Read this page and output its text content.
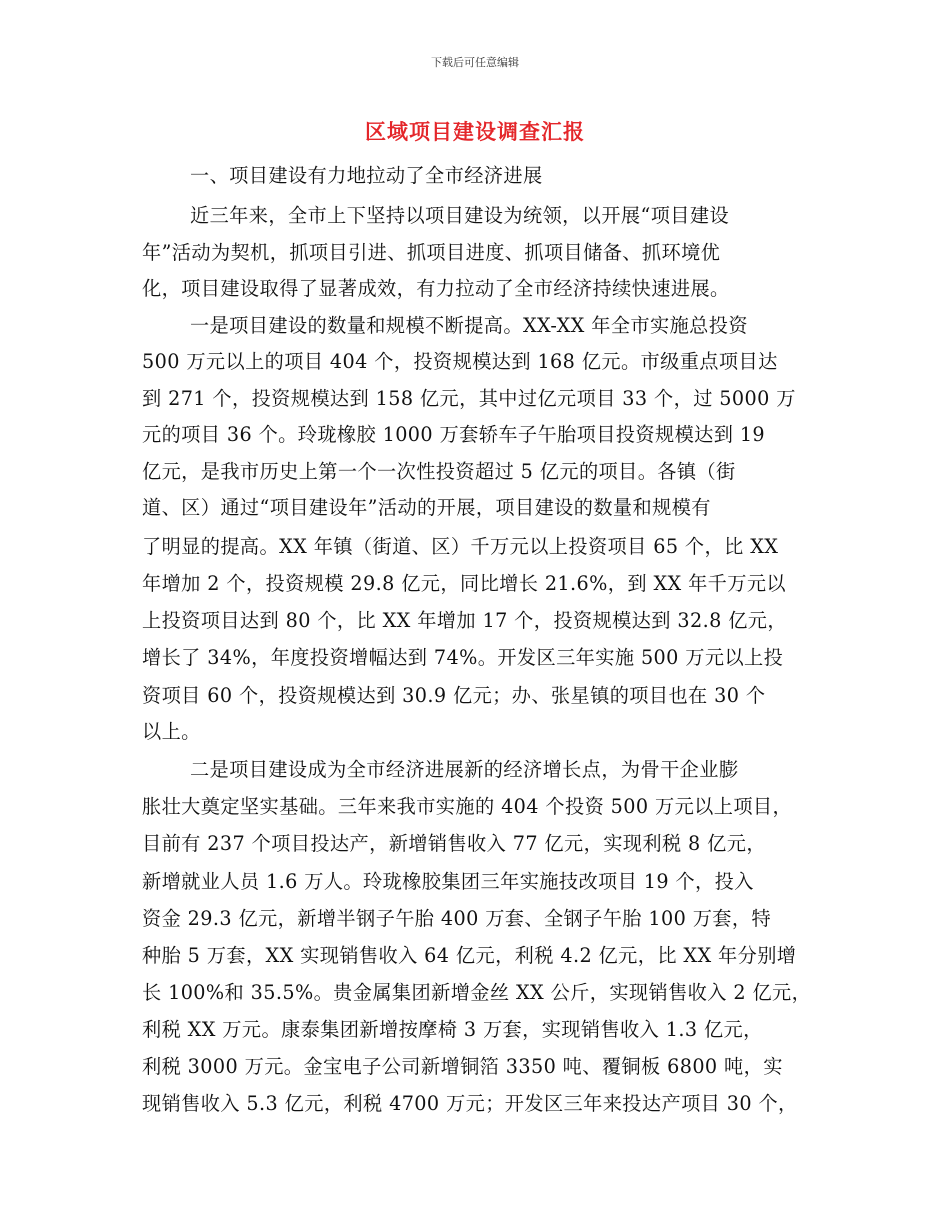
下载后可任意编辑
区域项目建设调查汇报
一、项目建设有力地拉动了全市经济进展
近三年来，全市上下坚持以项目建设为统领，以开展“项目建设
年”活动为契机，抓项目引进、抓项目进度、抓项目储备、抓环境优
化，项目建设取得了显著成效，有力拉动了全市经济持续快速进展。
一是项目建设的数量和规模不断提高。XX-XX 年全市实施总投资
500 万元以上的项目 404 个，投资规模达到 168 亿元。市级重点项目达
到 271 个，投资规模达到 158 亿元，其中过亿元项目 33 个，过 5000 万
元的项目 36 个。玲珑橡胶 1000 万套轿车子午胎项目投资规模达到 19
亿元，是我市历史上第一个一次性投资超过 5 亿元的项目。各镇（街
道、区）通过“项目建设年”活动的开展，项目建设的数量和规模有
了明显的提高。XX 年镇（街道、区）千万元以上投资项目 65 个，比 XX
年增加 2 个，投资规模 29.8 亿元，同比增长 21.6%，到 XX 年千万元以
上投资项目达到 80 个，比 XX 年增加 17 个，投资规模达到 32.8 亿元，
增长了 34%，年度投资增幅达到 74%。开发区三年实施 500 万元以上投
资项目 60 个，投资规模达到 30.9 亿元；办、张星镇的项目也在 30 个
以上。
二是项目建设成为全市经济进展新的经济增长点，为骨干企业膨
胀壮大奠定坚实基础。三年来我市实施的 404 个投资 500 万元以上项目，
目前有 237 个项目投达产，新增销售收入 77 亿元，实现利税 8 亿元，
新增就业人员 1.6 万人。玲珑橡胶集团三年实施技改项目 19 个，投入
资金 29.3 亿元，新增半钢子午胎 400 万套、全钢子午胎 100 万套，特
种胎 5 万套，XX 实现销售收入 64 亿元，利税 4.2 亿元，比 XX 年分别增
长 100%和 35.5%。贵金属集团新增金丝 XX 公斤，实现销售收入 2 亿元，
利税 XX 万元。康泰集团新增按摩椅 3 万套，实现销售收入 1.3 亿元，
利税 3000 万元。金宝电子公司新增铜箔 3350 吨、覆铜板 6800 吨，实
现销售收入 5.3 亿元，利税 4700 万元；开发区三年来投达产项目 30 个，
